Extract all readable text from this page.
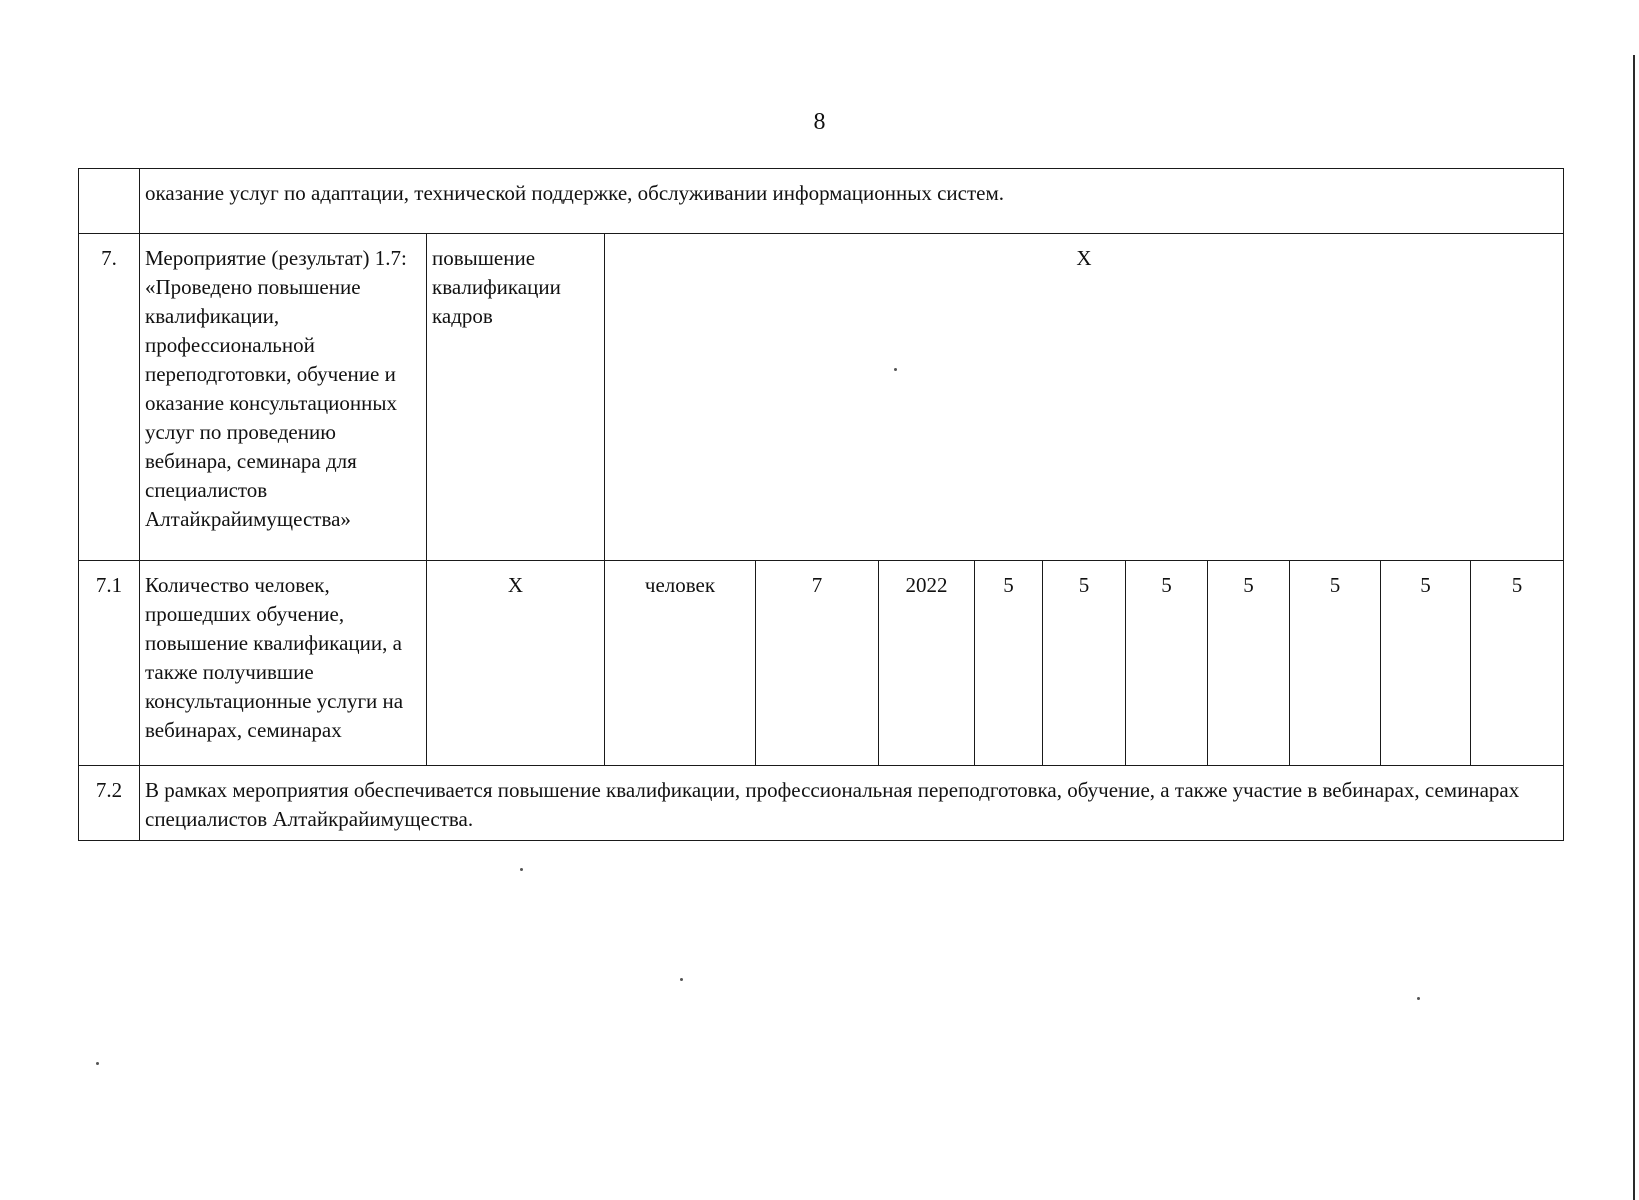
8
	оказание услуг по адаптации, технической поддержке, обслуживании информационных систем.											
7.	Мероприятие (результат) 1.7: «Проведено повышение квалификации, профессиональной переподготовки, обучение и оказание консультационных услуг по проведению вебинара, семинара для специалистов Алтайкрайимущества»	повышение квалификации кадров	Х									
7.1	Количество человек, прошедших обучение, повышение квалификации, а также получившие консультационные услуги на вебинарах, семинарах	Х	человек	7	2022	5	5	5	5	5	5	5
7.2	В рамках мероприятия обеспечивается повышение квалификации, профессиональная переподготовка, обучение, а также участие в вебинарах, семинарах специалистов Алтайкрайимущества.											
